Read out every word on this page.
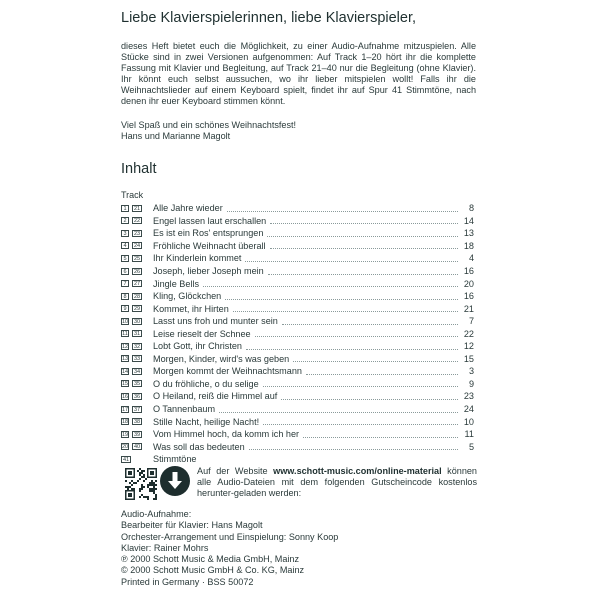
Liebe Klavierspielerinnen, liebe Klavierspieler,
dieses Heft bietet euch die Möglichkeit, zu einer Audio-Aufnahme mitzuspielen. Alle Stücke sind in zwei Versionen aufgenommen: Auf Track 1–20 hört ihr die komplette Fassung mit Klavier und Begleitung, auf Track 21–40 nur die Begleitung (ohne Klavier). Ihr könnt euch selbst aussuchen, wo ihr lieber mitspielen wollt! Falls ihr die Weihnachtslieder auf einem Keyboard spielt, findet ihr auf Spur 41 Stimmtöne, nach denen ihr euer Keyboard stimmen könnt.
Viel Spaß und ein schönes Weihnachtsfest!
Hans und Marianne Magolt
Inhalt
Track
1	21 Alle Jahre wieder	8
2	22 Engel lassen laut erschallen	14
3	23 Es ist ein Ros' entsprungen	13
4	24 Fröhliche Weihnacht überall	18
5	25 Ihr Kinderlein kommet	4
6	26 Joseph, lieber Joseph mein	16
7	27 Jingle Bells	20
8	28 Kling, Glöckchen	16
9	29 Kommet, ihr Hirten	21
10	30 Lasst uns froh und munter sein	7
11	31 Leise rieselt der Schnee	22
12	32 Lobt Gott, ihr Christen	12
13	33 Morgen, Kinder, wird's was geben	15
14	34 Morgen kommt der Weihnachtsmann	3
15	35 O du fröhliche, o du selige	9
16	36 O Heiland, reiß die Himmel auf	23
17	37 O Tannenbaum	24
18	38 Stille Nacht, heilige Nacht!	10
19	39 Vom Himmel hoch, da komm ich her	11
20	40 Was soll das bedeuten	5
41	Stimmtöne
Auf der Website www.schott-music.com/online-material können alle Audio-Dateien mit dem folgenden Gutscheincode kostenlos herunter-geladen werden:
Audio-Aufnahme:
Bearbeiter für Klavier: Hans Magolt
Orchester-Arrangement und Einspielung: Sonny Koop
Klavier: Rainer Mohrs
℗ 2000 Schott Music & Media GmbH, Mainz
© 2000 Schott Music GmbH & Co. KG, Mainz
Printed in Germany · BSS 50072
